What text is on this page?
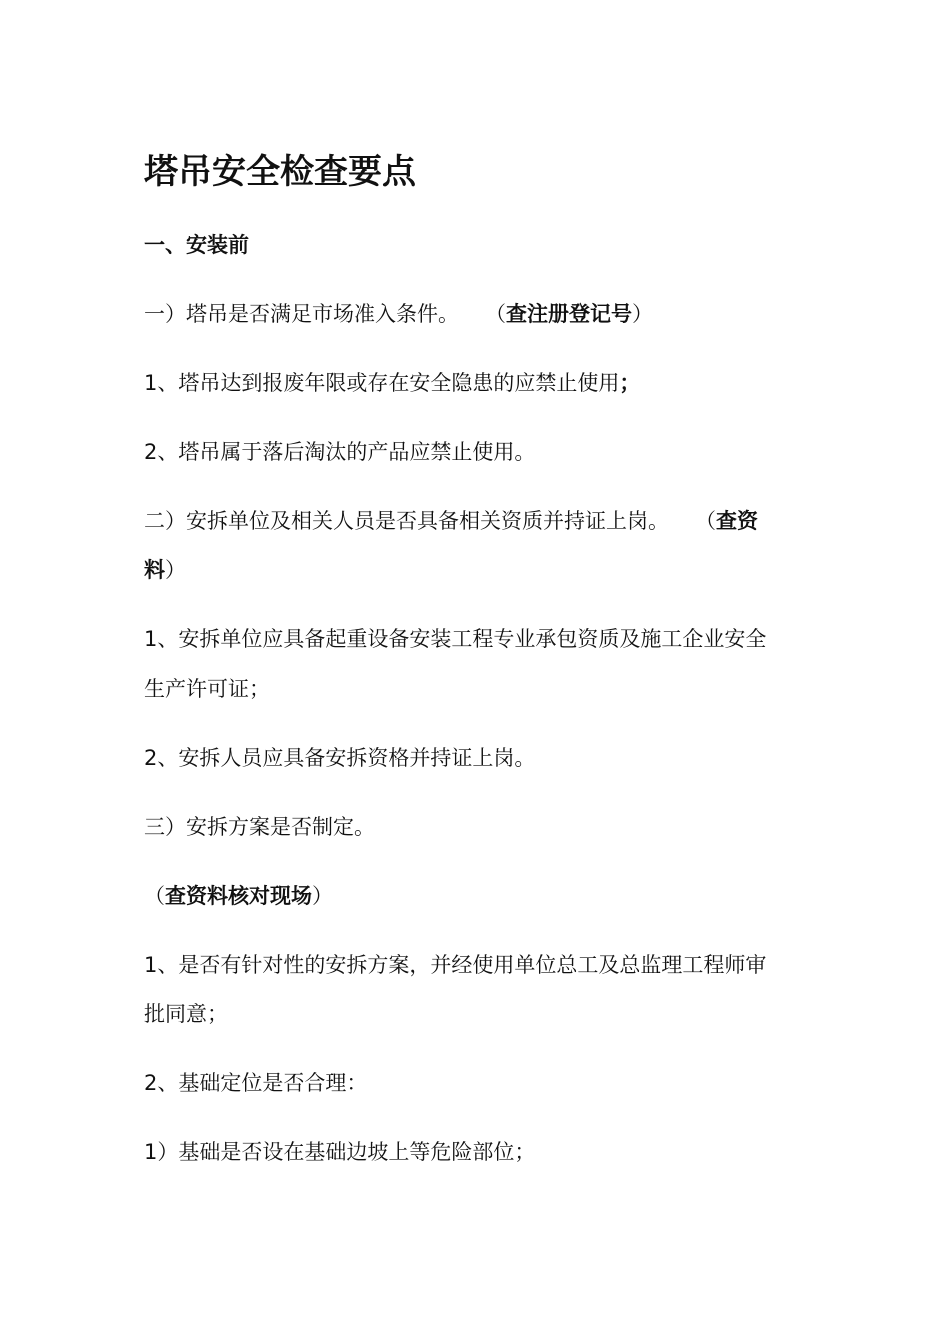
塔吊安全检查要点
一、安装前
一）塔吊是否满足市场准入条件。 （查注册登记号）
1、塔吊达到报废年限或存在安全隐患的应禁止使用；
2、塔吊属于落后淘汰的产品应禁止使用。
二）安拆单位及相关人员是否具备相关资质并持证上岗。 （查资
料）
1、安拆单位应具备起重设备安装工程专业承包资质及施工企业安全
生产许可证；
2、安拆人员应具备安拆资格并持证上岗。
三）安拆方案是否制定。
（查资料核对现场）
1、是否有针对性的安拆方案，并经使用单位总工及总监理工程师审
批同意；
2、基础定位是否合理：
1）基础是否设在基础边坡上等危险部位；
